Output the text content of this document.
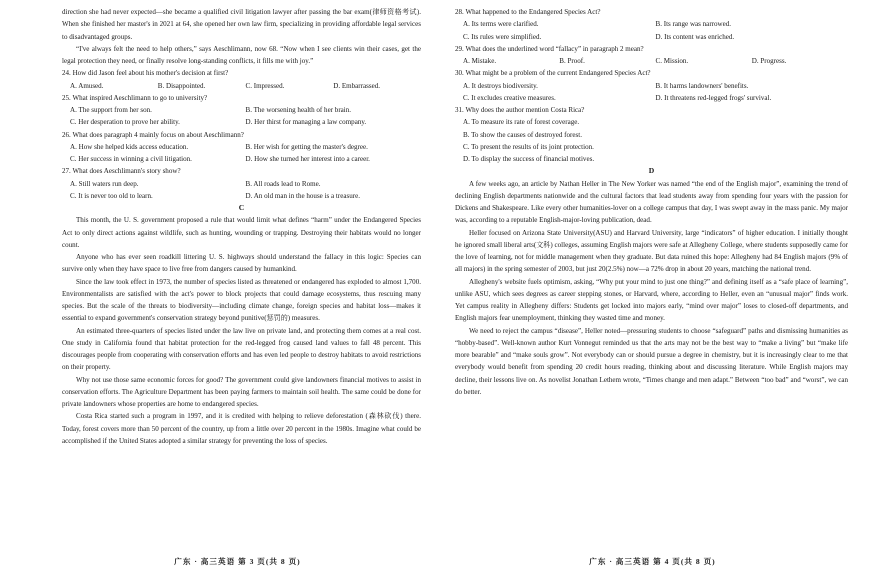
direction she had never expected—she became a qualified civil litigation lawyer after passing the bar exam(律师资格考试). When she finished her master's in 2021 at 64, she opened her own law firm, specializing in providing affordable legal services to disadvantaged groups.

“I've always felt the need to help others,” says Aeschlimann, now 68. “Now when I see clients win their cases, get the legal protection they need, or finally resolve long-standing conflicts, it fills me with joy.”

24. How did Jason feel about his mother's decision at first?

A. Amused.	B. Disappointed.	C. Impressed.	D. Embarrassed.

25. What inspired Aeschlimann to go to university?

A. The support from her son.	B. The worsening health of her brain.
C. Her desperation to prove her ability.	D. Her thirst for managing a law company.

26. What does paragraph 4 mainly focus on about Aeschlimann?

A. How she helped kids access education.	B. Her wish for getting the master's degree.
C. Her success in winning a civil litigation.	D. How she turned her interest into a career.

27. What does Aeschlimann's story show?

A. Still waters run deep.	B. All roads lead to Rome.
C. It is never too old to learn.	D. An old man in the house is a treasure.

C

This month, the U. S. government proposed a rule that would limit what defines “harm” under the Endangered Species Act to only direct actions against wildlife, such as hunting, wounding or trapping. Destroying their habitats would no longer count.

Anyone who has ever seen roadkill littering U. S. highways should understand the fallacy in this logic: Species can survive only when they have space to live free from dangers caused by humankind.

Since the law took effect in 1973, the number of species listed as threatened or endangered has exploded to almost 1,700. Environmentalists are satisfied with the act's power to block projects that could damage ecosystems, thus rescuing many species. But the scale of the threats to biodiversity—including climate change, foreign species and habitat loss—makes it essential to expand government's conservation strategy beyond punitive(惩罚的) measures.

An estimated three-quarters of species listed under the law live on private land, and protecting them comes at a real cost. One study in California found that habitat protection for the red-legged frog caused land values to fall 48 percent. This discourages people from cooperating with conservation efforts and has even led people to destroy habitats to avoid restrictions on their property.

Why not use those same economic forces for good? The government could give landowners financial motives to assist in conservation efforts. The Agriculture Department has been paying farmers to maintain soil health. The same could be done for private landowners whose properties are home to endangered species.

Costa Rica started such a program in 1997, and it is credited with helping to relieve deforestation (森林砍伐) there. Today, forest covers more than 50 percent of the country, up from a little over 20 percent in the 1980s. Imagine what could be accomplished if the United States adopted a similar strategy for preventing the loss of species.

广东 · 高三英语 第 3 页(共 8 页)

28. What happened to the Endangered Species Act?

A. Its terms were clarified.	B. Its range was narrowed.
C. Its rules were simplified.	D. Its content was enriched.

29. What does the underlined word “fallacy” in paragraph 2 mean?

A. Mistake.	B. Proof.	C. Mission.	D. Progress.

30. What might be a problem of the current Endangered Species Act?

A. It destroys biodiversity.	B. It harms landowners' benefits.
C. It excludes creative measures.	D. It threatens red-legged frogs' survival.

31. Why does the author mention Costa Rica?

A. To measure its rate of forest coverage.
B. To show the causes of destroyed forest.
C. To present the results of its joint protection.
D. To display the success of financial motives.

D

A few weeks ago, an article by Nathan Heller in The New Yorker was named “the end of the English major”, examining the trend of declining English departments nationwide and the cultural factors that lead students away from spending four years with the passion for Dickens and Shakespeare. Like every other humanities-lover on a college campus that day, I was swept away in the mass panic. My major was, according to a reputable English-major-loving publication, dead.

Heller focused on Arizona State University(ASU) and Harvard University, large “indicators” of higher education. I initially thought he ignored small liberal arts(文科) colleges, assuming English majors were safe at Allegheny College, where students supposedly came for the love of learning, not for middle management when they graduate. But data ruined this hope: Allegheny had 84 English majors (9% of all majors) in the spring semester of 2003, but just 20(2.5%) now—a 72% drop in about 20 years, matching the national trend.

Allegheny's website fuels optimism, asking, “Why put your mind to just one thing?” and defining itself as a “safe place of learning”, unlike ASU, which sees degrees as career stepping stones, or Harvard, where, according to Heller, even an “unusual major” finds work. Yet campus reality in Allegheny differs: Students get locked into majors early, “mind over major” loses to closed-off departments, and English majors fear unemployment, thinking they wasted time and money.

We need to reject the campus “disease”, Heller noted—pressuring students to choose “safeguard” paths and dismissing humanities as “hobby-based”. Well-known author Kurt Vonnegut reminded us that the arts may not be the best way to “make a living” but “make life more bearable” and “make souls grow”. Not everybody can or should pursue a degree in chemistry, but it is increasingly clear to me that everybody would benefit from spending 20 credit hours reading, thinking about and discussing literature. While English majors may decline, their lessons live on. As novelist Jonathan Lethem wrote, “Times change and men adapt.” Between “too bad” and “worst”, we can do better.

广东 · 高三英语 第 4 页(共 8 页)
